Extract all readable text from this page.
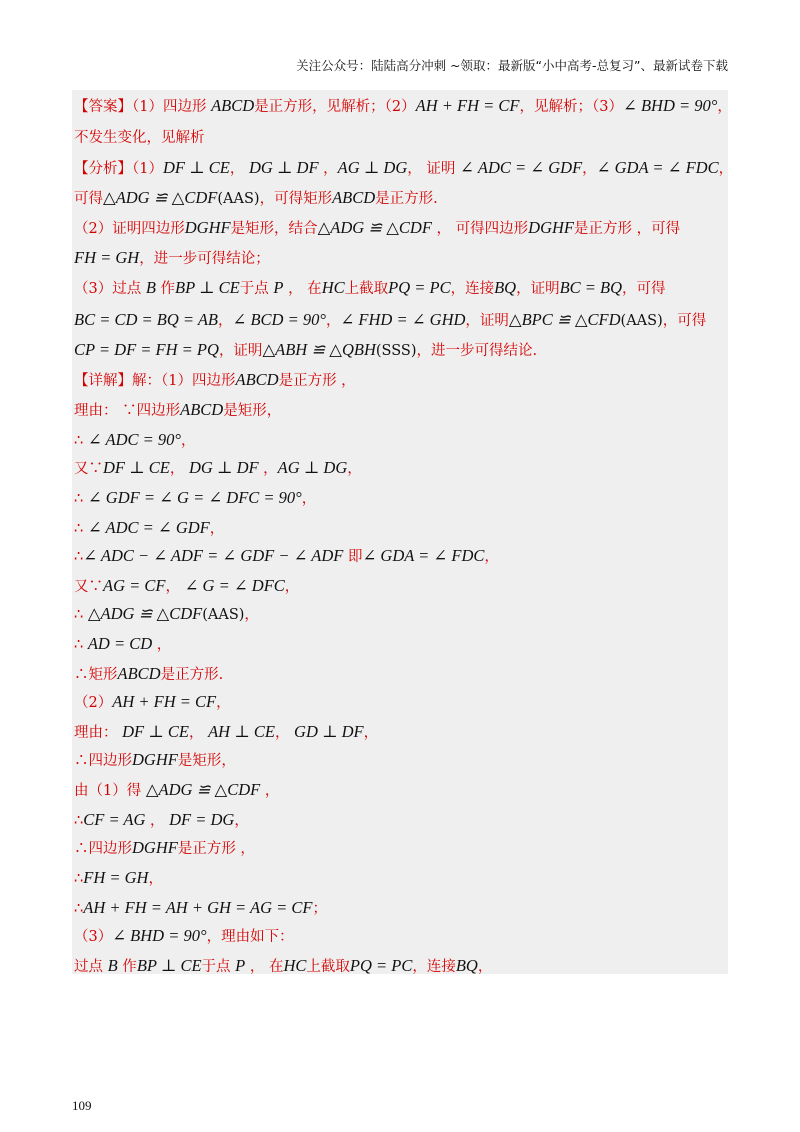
关注公众号：陆陆高分冲刺 ~领取：最新版“小中高考-总复习”、最新试卷下载
【答案】（1）四边形 ABCD是正方形，见解析；（2）AH + FH = CF，见解析；（3）∠ BHD = 90°，
不发生变化，见解析
【分析】（1）DF ⊥ CE， DG ⊥ DF ，AG ⊥ DG， 证明 ∠ ADC = ∠ GDF，∠ GDA = ∠ FDC，
可得△ADG ≌ △CDF(AAS)，可得矩形ABCD是正方形.
（2）证明四边形DGHF是矩形，结合△ADG ≌ △CDF ， 可得四边形DGHF是正方形 ，可得
FH = GH，进一步可得结论；
（3）过点 B 作BP ⊥ CE于点 P ， 在HC上截取PQ = PC，连接BQ，证明BC = BQ，可得
BC = CD = BQ = AB，∠ BCD = 90°，∠ FHD = ∠ GHD，证明△BPC ≌ △CFD(AAS)，可得
CP = DF = FH = PQ，证明△ABH ≌ △QBH(SSS)，进一步可得结论.
【详解】解：（1）四边形ABCD是正方形 ，
理由： ∵四边形ABCD是矩形，
∴ ∠ ADC = 90°，
又∵DF ⊥ CE， DG ⊥ DF ，AG ⊥ DG，
∴ ∠ GDF = ∠ G = ∠ DFC = 90°，
∴ ∠ ADC = ∠ GDF，
∴∠ ADC − ∠ ADF = ∠ GDF − ∠ ADF 即∠ GDA = ∠ FDC，
又∵AG = CF， ∠ G = ∠ DFC，
∴ △ADG ≌ △CDF(AAS)，
∴ AD = CD ，
∴矩形ABCD是正方形.
（2）AH + FH = CF，
理由： DF ⊥ CE， AH ⊥ CE， GD ⊥ DF，
∴四边形DGHF是矩形，
由（1）得 △ADG ≌ △CDF ，
∴CF = AG ， DF = DG，
∴四边形DGHF是正方形 ，
∴FH = GH，
∴AH + FH = AH + GH = AG = CF；
（3）∠ BHD = 90°，理由如下：
过点 B 作BP ⊥ CE于点 P ， 在HC上截取PQ = PC，连接BQ，
109
